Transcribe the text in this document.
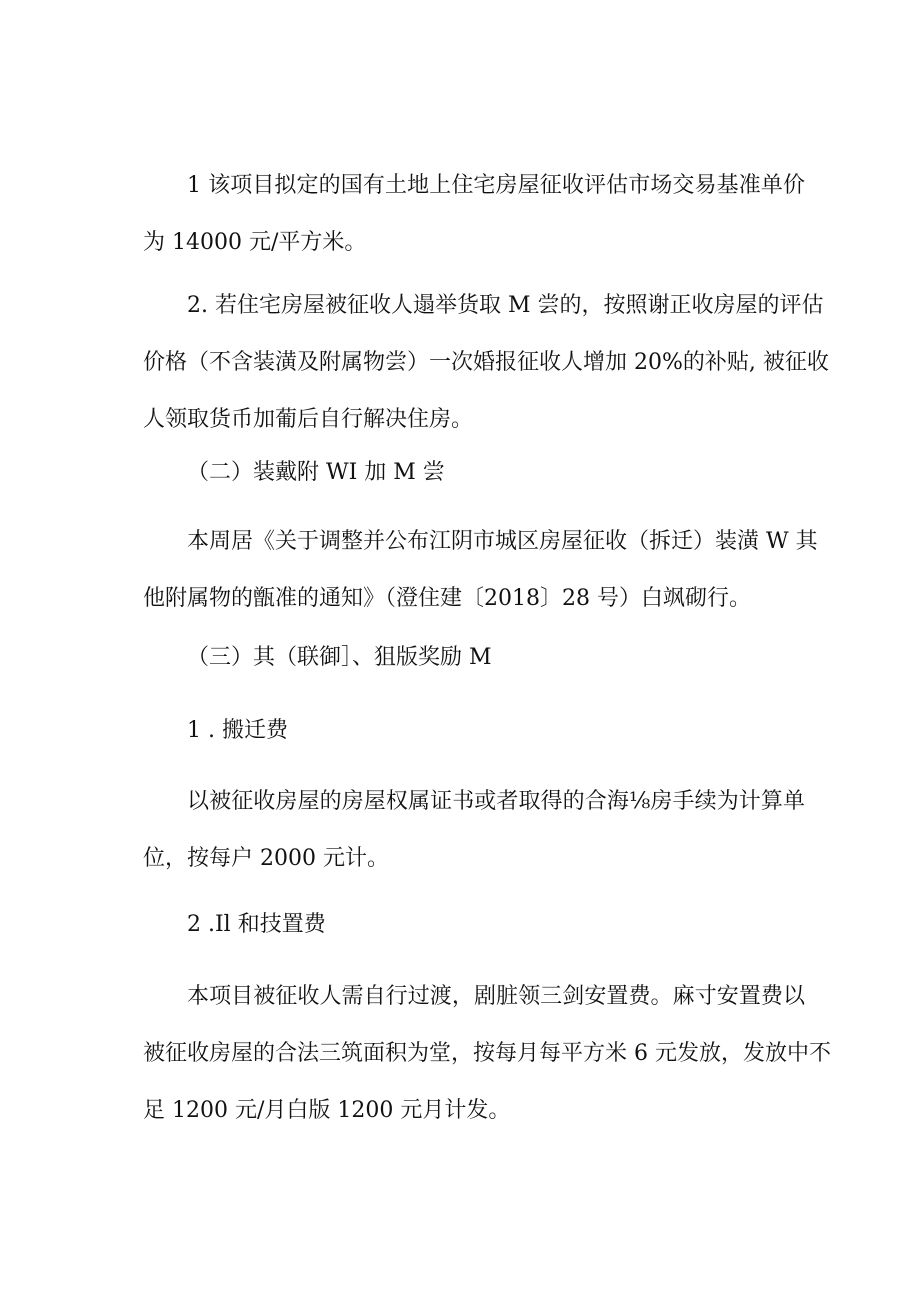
1 该项目拟定的国有土地上住宅房屋征收评估市场交易基准单价
为 14000 元/平方米。
2. 若住宅房屋被征收人遢举货取 M 尝的，按照谢正收房屋的评估
价格（不含装潢及附属物尝）一次婚报征收人增加 20%的补贴, 被征收
人领取货币加葡后自行解决住房。
（二）装戴附 WI 加 M 尝
本周居《关于调整并公布江阴市城区房屋征收（拆迁）装潢 W 其
他附属物的甑准的通知》（澄住建〔2018〕28 号）白飒砌行。
（三）其（联御］、狙版奖励 M
1 . 搬迁费
以被征收房屋的房屋权属证书或者取得的合海⅛房手续为计算单
位，按每户 2000 元计。
2 .Il 和技置费
本项目被征收人需自行过渡，剧脏领三剑安置费。麻寸安置费以
被征收房屋的合法三筑面积为堂，按每月每平方米 6 元发放，发放中不
足 1200 元/月白版 1200 元月计发。
